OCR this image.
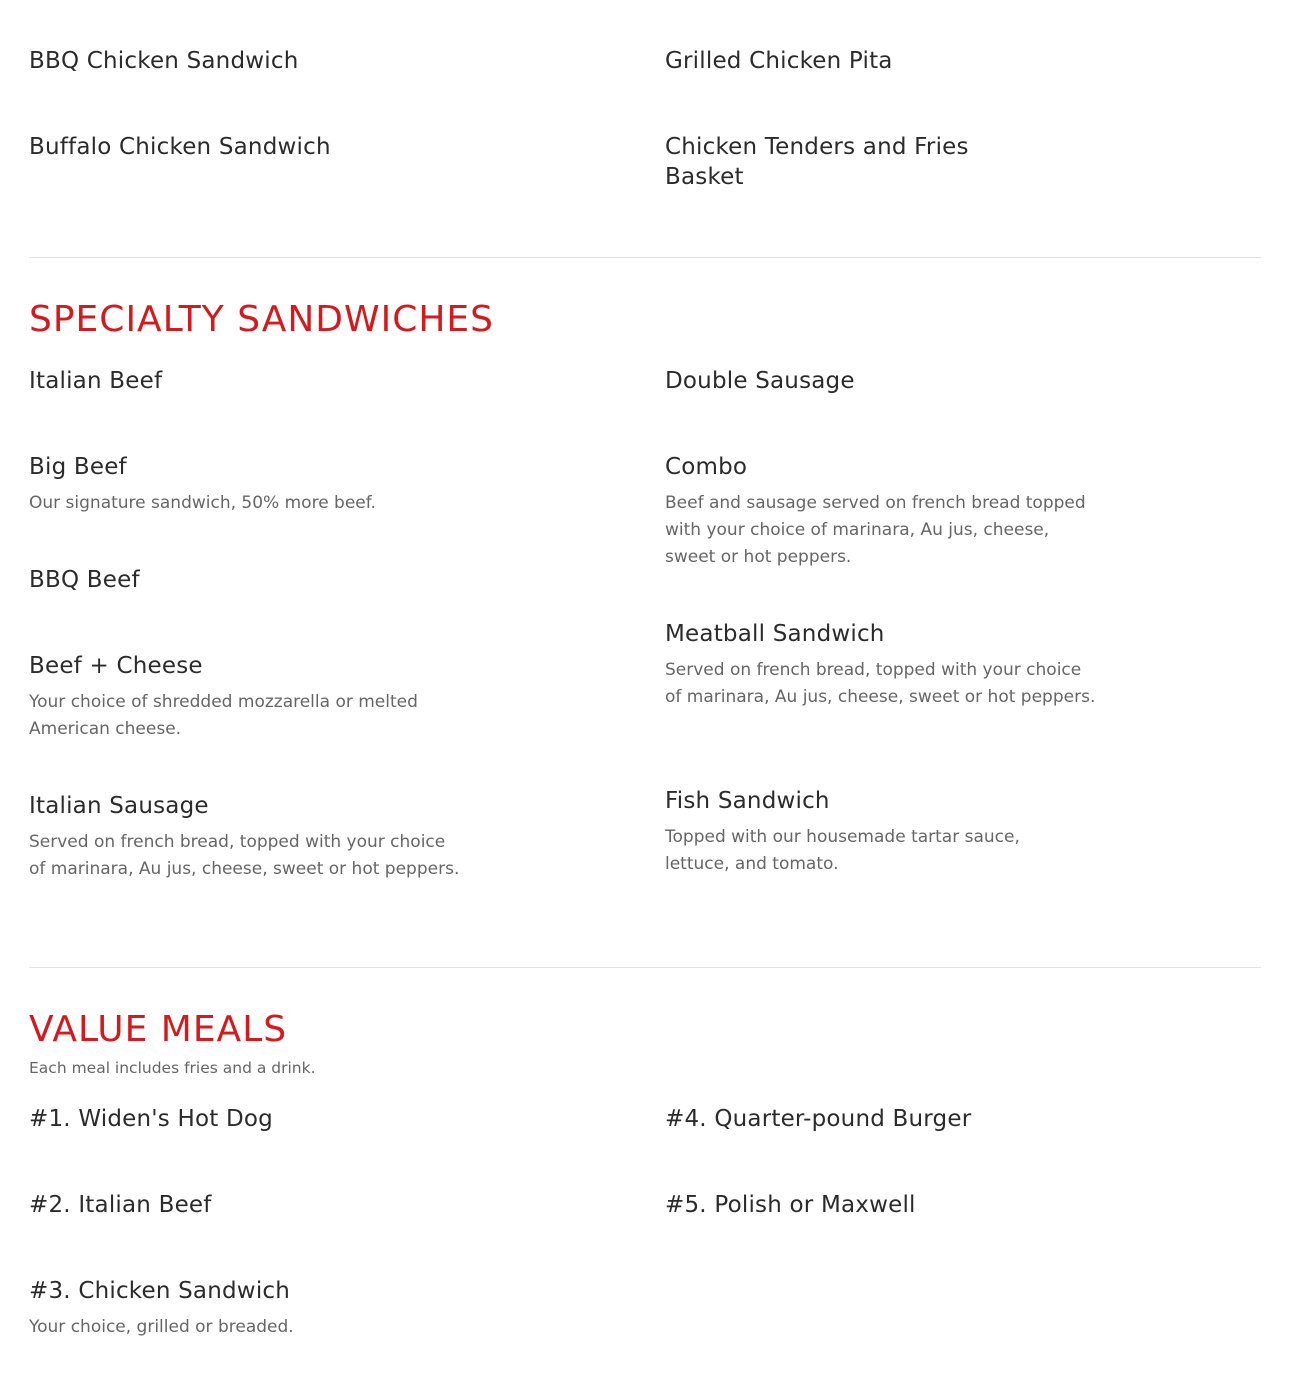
BBQ Chicken Sandwich	Grilled Chicken Pita
Buffalo Chicken Sandwich	Chicken Tenders and Fries Basket
SPECIALTY SANDWICHES
Italian Beef	Double Sausage
Big Beef
Our signature sandwich, 50% more beef.
Combo
Beef and sausage served on french bread topped with your choice of marinara, Au jus, cheese, sweet or hot peppers.
BBQ Beef
Meatball Sandwich
Served on french bread, topped with your choice of marinara, Au jus, cheese, sweet or hot peppers.
Beef + Cheese
Your choice of shredded mozzarella or melted American cheese.
Fish Sandwich
Topped with our housemade tartar sauce, lettuce, and tomato.
Italian Sausage
Served on french bread, topped with your choice of marinara, Au jus, cheese, sweet or hot peppers.
VALUE MEALS
Each meal includes fries and a drink.
#1. Widen's Hot Dog	#4. Quarter-pound Burger
#2. Italian Beef	#5. Polish or Maxwell
#3. Chicken Sandwich
Your choice, grilled or breaded.
